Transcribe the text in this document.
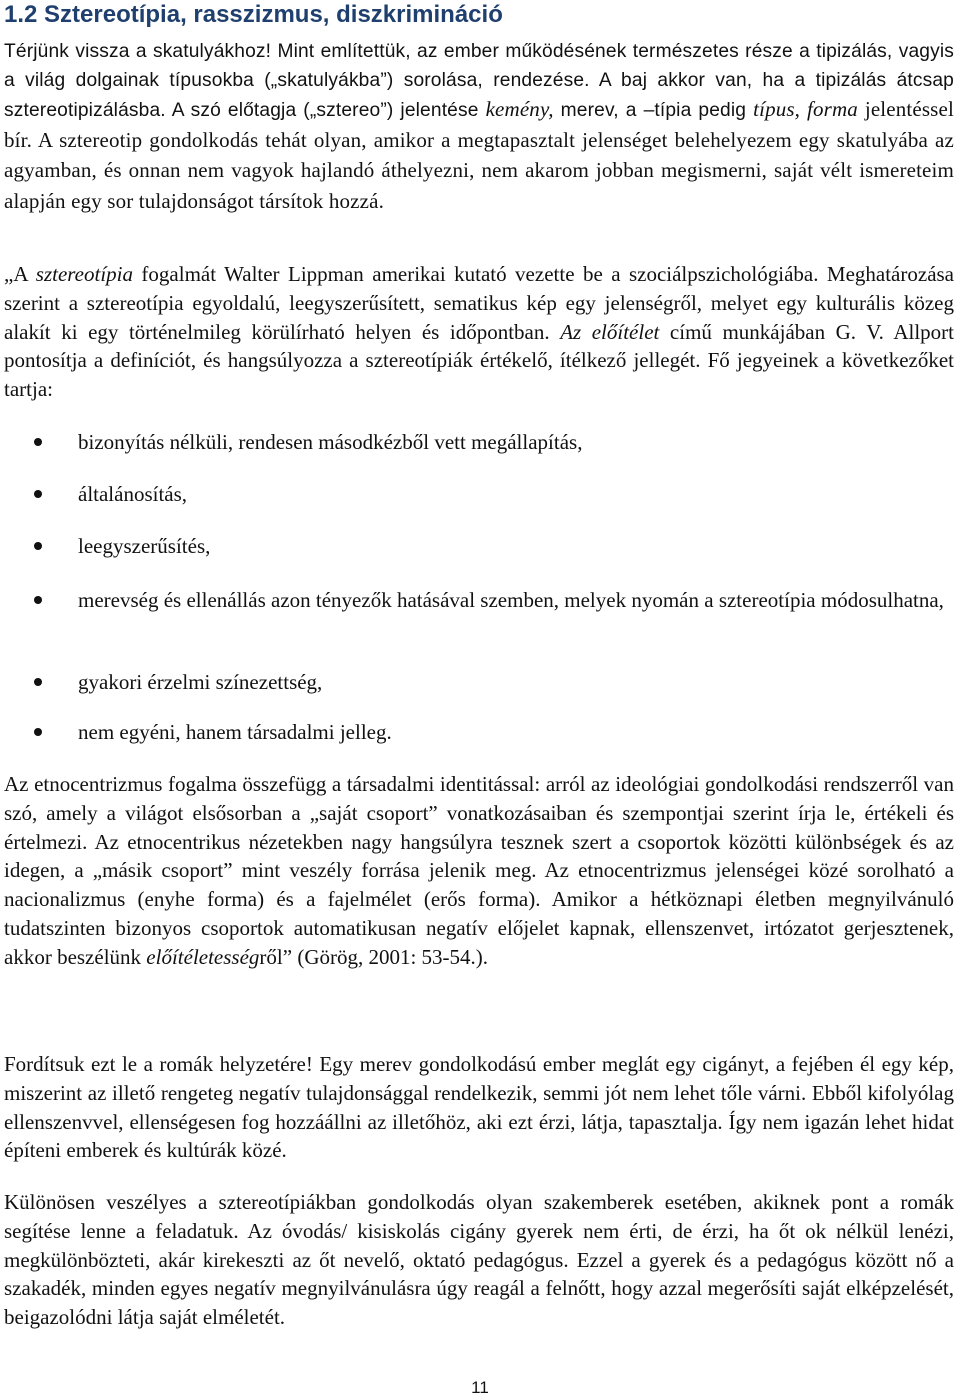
1.2 Sztereotípia, rasszizmus, diszkrimináció

Térjünk vissza a skatulyákhoz! Mint említettük, az ember működésének természetes része a tipizálás, vagyis a világ dolgainak típusokba („skatulyákba”) sorolása, rendezése. A baj akkor van, ha a tipizálás átcsap sztereotipizálásba. A szó előtagja („sztereo”) jelentése kemény, merev, a –típia pedig típus, forma jelentéssel bír. A sztereotip gondolkodás tehát olyan, amikor a megtapasztalt jelenséget belehelyezem egy skatulyába az agyamban, és onnan nem vagyok hajlandó áthelyezni, nem akarom jobban megismerni, saját vélt ismereteim alapján egy sor tulajdonságot társítok hozzá.

„A sztereotípia fogalmát Walter Lippman amerikai kutató vezette be a szociálpszichológiába. Meghatározása szerint a sztereotípia egyoldalú, leegyszerűsített, sematikus kép egy jelenségről, melyet egy kulturális közeg alakít ki egy történelmileg körülírható helyen és időpontban. Az előítélet című munkájában G. V. Allport pontosítja a definíciót, és hangsúlyozza a sztereotípiák értékelő, ítélkező jellegét. Fő jegyeinek a következőket tartja:

bizonyítás nélküli, rendesen másodkézből vett megállapítás,
általánosítás,
leegyszerűsítés,
merevség és ellenállás azon tényezők hatásával szemben, melyek nyomán a sztereotípia módosulhatna,
gyakori érzelmi színezettség,
nem egyéni, hanem társadalmi jelleg.

Az etnocentrizmus fogalma összefügg a társadalmi identitással: arról az ideológiai gondolkodási rendszerről van szó, amely a világot elsősorban a „saját csoport” vonatkozásaiban és szempontjai szerint írja le, értékeli és értelmezi. Az etnocentrikus nézetekben nagy hangsúlyra tesznek szert a csoportok közötti különbségek és az idegen, a „másik csoport” mint veszély forrása jelenik meg. Az etnocentrizmus jelenségei közé sorolható a nacionalizmus (enyhe forma) és a fajelmélet (erős forma). Amikor a hétköznapi életben megnyilvánuló tudatszinten bizonyos csoportok automatikusan negatív előjelet kapnak, ellenszenvet, irtózatot gerjesztenek, akkor beszélünk előítéletességről” (Görög, 2001: 53-54.).

Fordítsuk ezt le a romák helyzetére! Egy merev gondolkodású ember meglát egy cigányt, a fejében él egy kép, miszerint az illető rengeteg negatív tulajdonsággal rendelkezik, semmi jót nem lehet tőle várni. Ebből kifolyólag ellenszenvvel, ellenségesen fog hozzáállni az illetőhöz, aki ezt érzi, látja, tapasztalja. Így nem igazán lehet hidat építeni emberek és kultúrák közé.

Különösen veszélyes a sztereotípiákban gondolkodás olyan szakemberek esetében, akiknek pont a romák segítése lenne a feladatuk. Az óvodás/ kisiskolás cigány gyerek nem érti, de érzi, ha őt ok nélkül lenézi, megkülönbözteti, akár kirekeszti az őt nevelő, oktató pedagógus. Ezzel a gyerek és a pedagógus között nő a szakadék, minden egyes negatív megnyilvánulásra úgy reagál a felnőtt, hogy azzal megerősíti saját elképzelését, beigazolódni látja saját elméletét.

11
